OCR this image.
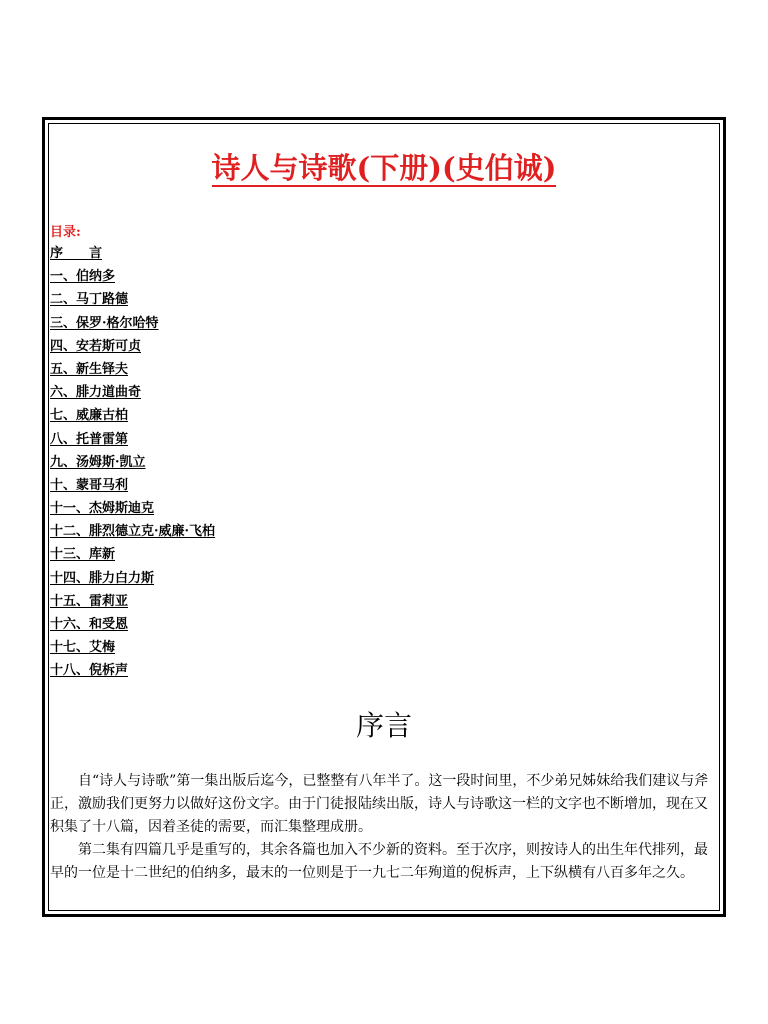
诗人与诗歌(下册)(史伯诚)
目录:
序　　言
一、伯纳多
二、马丁路德
三、保罗·格尔哈特
四、安若斯可贞
五、新生铎夫
六、腓力道曲奇
七、威廉古柏
八、托普雷第
九、汤姆斯·凯立
十、蒙哥马利
十一、杰姆斯迪克
十二、腓烈德立克·威廉·飞柏
十三、库新
十四、腓力白力斯
十五、雷莉亚
十六、和受恩
十七、艾梅
十八、倪柝声
序言

自“诗人与诗歌”第一集出版后迄今，已整整有八年半了。这一段时间里，不少弟兄姊妹给我们建议与斧正，激励我们更努力以做好这份文字。由于门徒报陆续出版，诗人与诗歌这一栏的文字也不断增加，现在又积集了十八篇，因着圣徒的需要，而汇集整理成册。

第二集有四篇几乎是重写的，其余各篇也加入不少新的资料。至于次序，则按诗人的出生年代排列，最早的一位是十二世纪的伯纳多，最末的一位则是于一九七二年殉道的倪柝声，上下纵横有八百多年之久。
